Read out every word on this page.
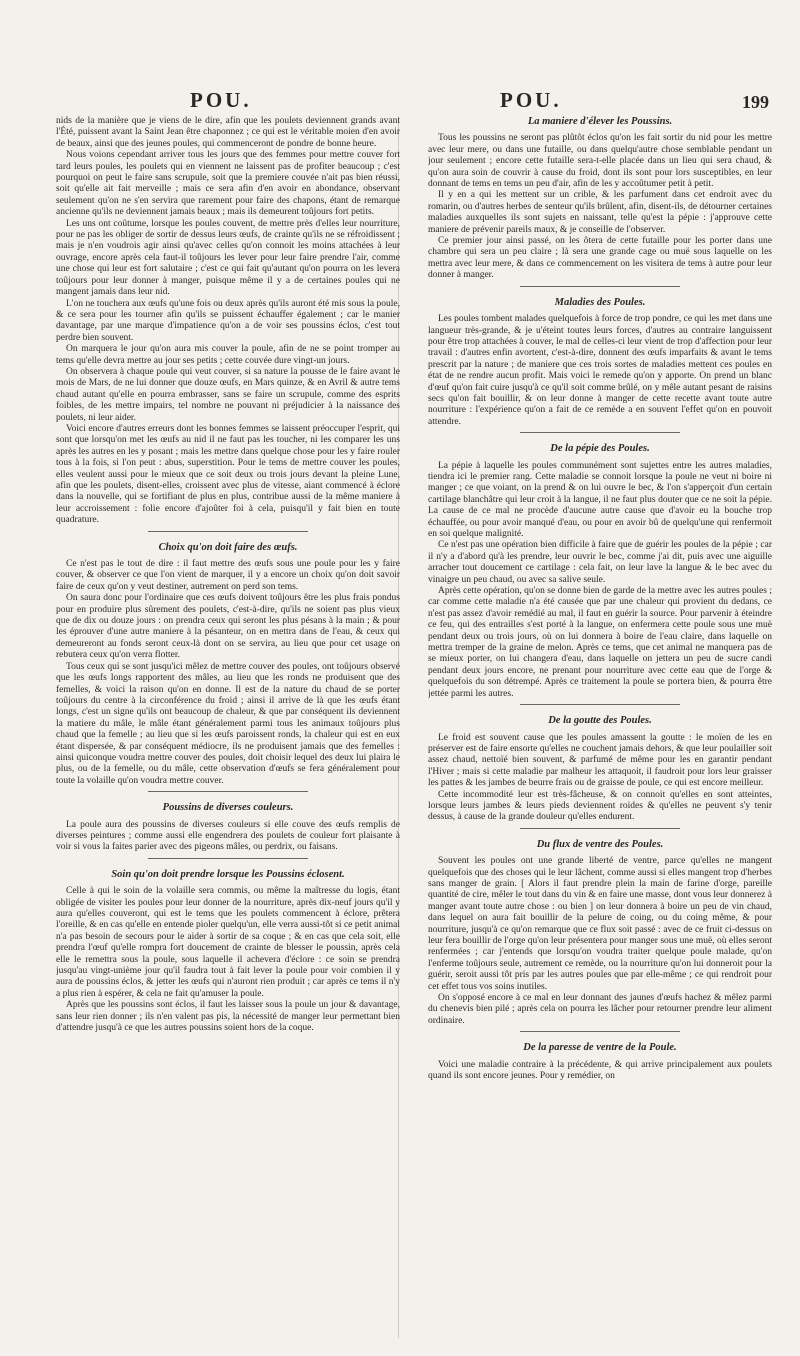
POU.	POU.	199

nids de la manière que je viens de le dire, afin que les poulets deviennent grands avant l'Été, puissent avant la Saint Jean être chaponnez ; ce qui est le véritable moien d'en avoir de beaux, ainsi que des jeunes poules, qui commenceront de pondre de bonne heure.

Nous voions cependant arriver tous les jours que des femmes pour mettre couver fort tard leurs poules, les poulets qui en viennent ne laissent pas de profiter beaucoup ; c'est pourquoi on peut le faire sans scrupule, soit que la premiere couvée n'ait pas bien réussi, soit qu'elle ait fait merveille ; mais ce sera afin d'en avoir en abondance, observant seulement qu'on ne s'en servira que rarement pour faire des chapons, étant de remarque ancienne qu'ils ne deviennent jamais beaux ; mais ils demeurent toûjours fort petits.

Les uns ont coûtume, lorsque les poules couvent, de mettre près d'elles leur nourriture, pour ne pas les obliger de sortir de dessus leurs œufs, de crainte qu'ils ne se réfroidissent ; mais je n'en voudrois agir ainsi qu'avec celles qu'on connoit les moins attachées à leur ouvrage, encore après cela faut-il toûjours les lever pour leur faire prendre l'air, comme une chose qui leur est fort salutaire ; c'est ce qui fait qu'autant qu'on pourra on les levera toûjours pour leur donner à manger, puisque même il y a de certaines poules qui ne mangent jamais dans leur nid.

L'on ne touchera aux œufs qu'une fois ou deux après qu'ils auront été mis sous la poule, & ce sera pour les tourner afin qu'ils se puissent échauffer également ; car le manier davantage, par une marque d'impatience qu'on a de voir ses poussins éclos, c'est tout perdre bien souvent.

On marquera le jour qu'on aura mis couver la poule, afin de ne se point tromper au tems qu'elle devra mettre au jour ses petits ; cette couvée dure vingt-un jours.

On observera à chaque poule qui veut couver, si sa nature la pousse de le faire avant le mois de Mars, de ne lui donner que douze œufs, en Mars quinze, & en Avril & autre tems chaud autant qu'elle en pourra embrasser, sans se faire un scrupule, comme des esprits foibles, de les mettre impairs, tel nombre ne pouvant ni préjudicier à la naissance des poulets, ni leur aider.

Voici encore d'autres erreurs dont les bonnes femmes se laissent préoccuper l'esprit, qui sont que lorsqu'on met les œufs au nid il ne faut pas les toucher, ni les comparer les uns après les autres en les y posant ; mais les mettre dans quelque chose pour les y faire rouler tous à la fois, si l'on peut : abus, superstition. Pour le tems de mettre couver les poules, elles veulent aussi pour le mieux que ce soit deux ou trois jours devant la pleine Lune, afin que les poulets, disent-elles, croissent avec plus de vitesse, aiant commencé à éclore dans la nouvelle, qui se fortifiant de plus en plus, contribue aussi de la même maniere à leur accroissement : folie encore d'ajoûter foi à cela, puisqu'il y fait bien en toute quadrature.

Choix qu'on doit faire des œufs.

Ce n'est pas le tout de dire : il faut mettre des œufs sous une poule pour les y faire couver, & observer ce que l'on vient de marquer, il y a encore un choix qu'on doit savoir faire de ceux qu'on y veut destiner, autrement on perd son tems.

On saura donc pour l'ordinaire que ces œufs doivent toûjours être les plus frais pondus pour en produire plus sûrement des poulets, c'est-à-dire, qu'ils ne soient pas plus vieux que de dix ou douze jours : on prendra ceux qui seront les plus pésans à la main ; & pour les éprouver d'une autre maniere à la pésanteur, on en mettra dans de l'eau, & ceux qui demeureront au fonds seront ceux-là dont on se servira, au lieu que pour cet usage on rebutera ceux qu'on verra flotter.

Tous ceux qui se sont jusqu'ici mêlez de mettre couver des poules, ont toûjours observé que les œufs longs rapportent des mâles, au lieu que les ronds ne produisent que des femelles, & voici la raison qu'on en donne. Il est de la nature du chaud de se porter toûjours du centre à la circonférence du froid ; ainsi il arrive de là que les œufs étant longs, c'est un signe qu'ils ont beaucoup de chaleur, & que par conséquent ils deviennent la matiere du mâle, le mâle étant généralement parmi tous les animaux toûjours plus chaud que la femelle ; au lieu que si les œufs paroissent ronds, la chaleur qui est en eux étant dispersée, & par conséquent médiocre, ils ne produisent jamais que des femelles : ainsi quiconque voudra mettre couver des poules, doit choisir lequel des deux lui plaira le plus, ou de la femelle, ou du mâle, cette observation d'œufs se fera généralement pour toute la volaille qu'on voudra mettre couver.

Poussins de diverses couleurs.

La poule aura des poussins de diverses couleurs si elle couve des œufs remplis de diverses peintures ; comme aussi elle engendrera des poulets de couleur fort plaisante à voir si vous la faites parier avec des pigeons mâles, ou perdrix, ou faisans.

Soin qu'on doit prendre lorsque les Poussins éclosent.

Celle à qui le soin de la volaille sera commis, ou même la maîtresse du logis, étant obligée de visiter les poules pour leur donner de la nourriture, après dix-neuf jours qu'il y aura qu'elles couveront, qui est le tems que les poulets commencent à éclore, prêtera l'oreille, & en cas qu'elle en entende pioler quelqu'un, elle verra aussi-tôt si ce petit animal n'a pas besoin de secours pour le aider à sortir de sa coque ; & en cas que cela soit, elle prendra l'œuf qu'elle rompra fort doucement de crainte de blesser le poussin, après cela elle le remettra sous la poule, sous laquelle il achevera d'éclore : ce soin se prendra jusqu'au vingt-unième jour qu'il faudra tout à fait lever la poule pour voir combien il y aura de poussins éclos, & jetter les œufs qui n'auront rien produit ; car après ce tems il n'y a plus rien à espérer, & cela ne fait qu'amuser la poule.

Après que les poussins sont éclos, il faut les laisser sous la poule un jour & davantage, sans leur rien donner ; ils n'en valent pas pis, la nécessité de manger leur permettant bien d'attendre jusqu'à ce que les autres poussins soient hors de la coque.

La maniere d'élever les Poussins.

Tous les poussins ne seront pas plûtôt éclos qu'on les fait sortir du nid pour les mettre avec leur mere, ou dans une futaille, ou dans quelqu'autre chose semblable pendant un jour seulement ; encore cette futaille sera-t-elle placée dans un lieu qui sera chaud, & qu'on aura soin de couvrir à cause du froid, dont ils sont pour lors susceptibles, en leur donnant de tems en tems un peu d'air, afin de les y accoûtumer petit à petit.

Il y en a qui les mettent sur un crible, & les parfument dans cet endroit avec du romarin, ou d'autres herbes de senteur qu'ils brûlent, afin, disent-ils, de détourner certaines maladies auxquelles ils sont sujets en naissant, telle qu'est la pépie : j'approuve cette maniere de prévenir pareils maux, & je conseille de l'observer.

Ce premier jour ainsi passé, on les ôtera de cette futaille pour les porter dans une chambre qui sera un peu claire ; là sera une grande cage ou muë sous laquelle on les mettra avec leur mere, & dans ce commencement on les visitera de tems à autre pour leur donner à manger.

Maladies des Poules.

Les poules tombent malades quelquefois à force de trop pondre, ce qui les met dans une langueur très-grande, & je u'éteint toutes leurs forces, d'autres au contraire languissent pour être trop attachées à couver, le mal de celles-ci leur vient de trop d'affection pour leur travail : d'autres enfin avortent, c'est-à-dire, donnent des œufs imparfaits & avant le tems prescrit par la nature ; de maniere que ces trois sortes de maladies mettent ces poules en état de ne rendre aucun profit. Mais voici le remede qu'on y apporte. On prend un blanc d'œuf qu'on fait cuire jusqu'à ce qu'il soit comme brûlé, on y mêle autant pesant de raisins secs qu'on fait bouillir, & on leur donne à manger de cette recette avant toute autre nourriture : l'expérience qu'on a fait de ce remède a en souvent l'effet qu'on en pouvoit attendre.

De la pépie des Poules.

La pépie à laquelle les poules communément sont sujettes entre les autres maladies, tiendra ici le premier rang. Cette maladie se connoit lorsque la poule ne veut ni boire ni manger ; ce que voiant, on la prend & on lui ouvre le bec, & l'on s'apperçoit d'un certain cartilage blanchâtre qui leur croit à la langue, il ne faut plus douter que ce ne soit la pépie. La cause de ce mal ne procède d'aucune autre cause que d'avoir eu la bouche trop échauffée, ou pour avoir manqué d'eau, ou pour en avoir bû de quelqu'une qui renfermoit en soi quelque malignité.

Ce n'est pas une opération bien difficile à faire que de guérir les poules de la pépie ; car il n'y a d'abord qu'à les prendre, leur ouvrir le bec, comme j'ai dit, puis avec une aiguille arracher tout doucement ce cartilage : cela fait, on leur lave la langue & le bec avec du vinaigre un peu chaud, ou avec sa salive seule.

Après cette opération, qu'on se donne bien de garde de la mettre avec les autres poules ; car comme cette maladie n'a été causée que par une chaleur qui provient du dedans, ce n'est pas assez d'avoir remédié au mal, il faut en guérir la source. Pour parvenir à éteindre ce feu, qui des entrailles s'est porté à la langue, on enfermera cette poule sous une muë pendant deux ou trois jours, où on lui donnera à boire de l'eau claire, dans laquelle on mettra tremper de la graine de melon. Après ce tems, que cet animal ne manquera pas de se mieux porter, on lui changera d'eau, dans laquelle on jettera un peu de sucre candi pendant deux jours encore, ne prenant pour nourriture avec cette eau que de l'orge & quelquefois du son détrempé. Après ce traitement la poule se portera bien, & pourra être jettée parmi les autres.

De la goutte des Poules.

Le froid est souvent cause que les poules amassent la goutte : le moïen de les en préserver est de faire ensorte qu'elles ne couchent jamais dehors, & que leur poulailler soit assez chaud, nettoïé bien souvent, & parfumé de même pour les en garantir pendant l'Hiver ; mais si cette maladie par malheur les attaquoit, il faudroit pour lors leur graisser les pattes & les jambes de beurre frais ou de graisse de poule, ce qui est encore meilleur.

Cette incommodité leur est très-fâcheuse, & on connoit qu'elles en sont atteintes, lorsque leurs jambes & leurs pieds deviennent roides & qu'elles ne peuvent s'y tenir dessus, à cause de la grande douleur qu'elles endurent.

Du flux de ventre des Poules.

Souvent les poules ont une grande liberté de ventre, parce qu'elles ne mangent quelquefois que des choses qui le leur lâchent, comme aussi si elles mangent trop d'herbes sans manger de grain. [ Alors il faut prendre plein la main de farine d'orge, pareille quantité de cire, mêler le tout dans du vin & en faire une masse, dont vous leur donnerez à manger avant toute autre chose : ou bien ] on leur donnera à boire un peu de vin chaud, dans lequel on aura fait bouillir de la pelure de coing, ou du coing même, & pour nourriture, jusqu'à ce qu'on remarque que ce flux soit passé : avec de ce fruit ci-dessus on leur fera bouillir de l'orge qu'on leur présentera pour manger sous une muë, où elles seront renfermées ; car j'entends que lorsqu'on voudra traiter quelque poule malade, qu'on l'enferme toûjours seule, autrement ce remède, ou la nourriture qu'on lui donneroit pour la guérir, seroit aussi tôt pris par les autres poules que par elle-même ; ce qui rendroit pour cet effet tous vos soins inutiles.

On s'opposé encore à ce mal en leur donnant des jaunes d'œufs hachez & mêlez parmi du chenevis bien pilé ; après cela on pourra les lâcher pour retourner prendre leur aliment ordinaire.

De la paresse de ventre de la Poule.

Voici une maladie contraire à la précédente, & qui arrive principalement aux poulets quand ils sont encore jeunes. Pour y remédier, on
